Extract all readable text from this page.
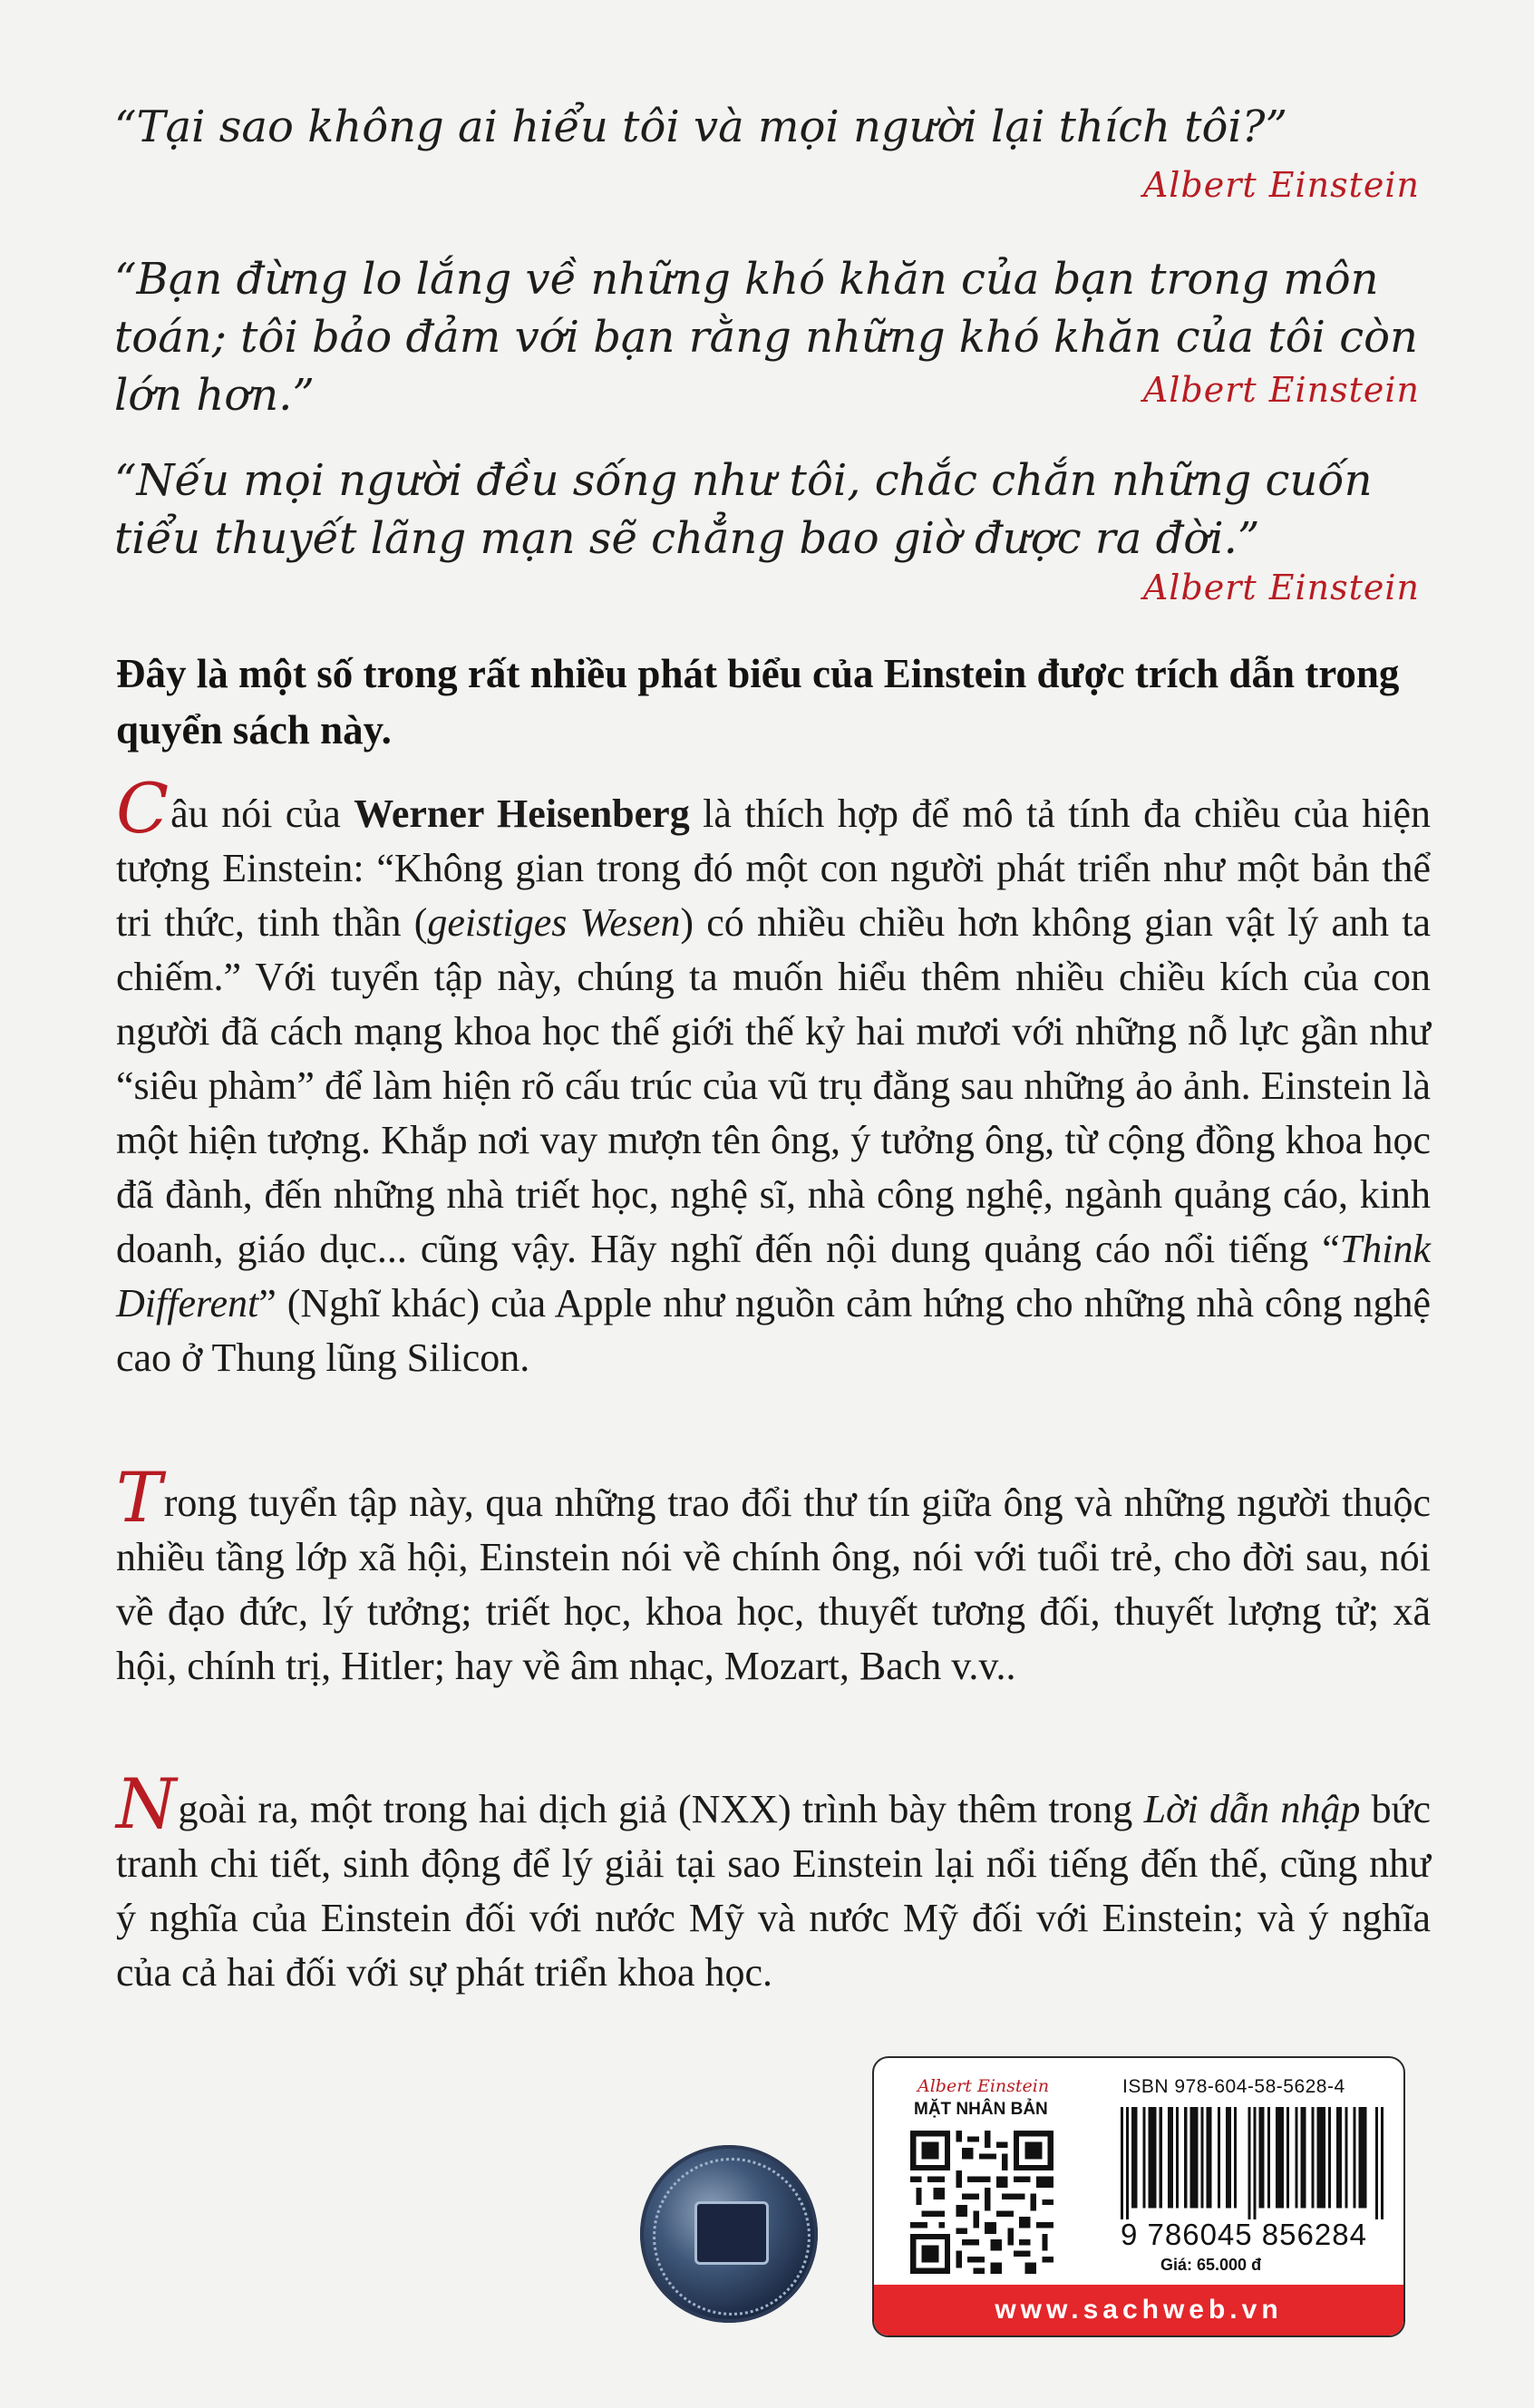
“Tại sao không ai hiểu tôi và mọi người lại thích tôi?”
Albert Einstein
“Bạn đừng lo lắng về những khó khăn của bạn trong môn toán; tôi bảo đảm với bạn rằng những khó khăn của tôi còn lớn hơn.”	Albert Einstein
“Nếu mọi người đều sống như tôi, chắc chắn những cuốn tiểu thuyết lãng mạn sẽ chẳng bao giờ được ra đời.”
Albert Einstein
Đây là một số trong rất nhiều phát biểu của Einstein được trích dẫn trong quyển sách này.
Câu nói của Werner Heisenberg là thích hợp để mô tả tính đa chiều của hiện tượng Einstein: “Không gian trong đó một con người phát triển như một bản thể tri thức, tinh thần (geistiges Wesen) có nhiều chiều hơn không gian vật lý anh ta chiếm.” Với tuyển tập này, chúng ta muốn hiểu thêm nhiều chiều kích của con người đã cách mạng khoa học thế giới thế kỷ hai mươi với những nỗ lực gần như “siêu phàm” để làm hiện rõ cấu trúc của vũ trụ đằng sau những ảo ảnh. Einstein là một hiện tượng. Khắp nơi vay mượn tên ông, ý tưởng ông, từ cộng đồng khoa học đã đành, đến những nhà triết học, nghệ sĩ, nhà công nghệ, ngành quảng cáo, kinh doanh, giáo dục... cũng vậy. Hãy nghĩ đến nội dung quảng cáo nổi tiếng “Think Different” (Nghĩ khác) của Apple như nguồn cảm hứng cho những nhà công nghệ cao ở Thung lũng Silicon.
Trong tuyển tập này, qua những trao đổi thư tín giữa ông và những người thuộc nhiều tầng lớp xã hội, Einstein nói về chính ông, nói với tuổi trẻ, cho đời sau, nói về đạo đức, lý tưởng; triết học, khoa học, thuyết tương đối, thuyết lượng tử; xã hội, chính trị, Hitler; hay về âm nhạc, Mozart, Bach v.v..
Ngoài ra, một trong hai dịch giả (NXX) trình bày thêm trong Lời dẫn nhập bức tranh chi tiết, sinh động để lý giải tại sao Einstein lại nổi tiếng đến thế, cũng như ý nghĩa của Einstein đối với nước Mỹ và nước Mỹ đối với Einstein; và ý nghĩa của cả hai đối với sự phát triển khoa học.
Albert Einstein
MẶT NHÂN BẢN
ISBN 978-604-58-5628-4
9 786045 856284
Giá: 65.000 đ
www.sachweb.vn
